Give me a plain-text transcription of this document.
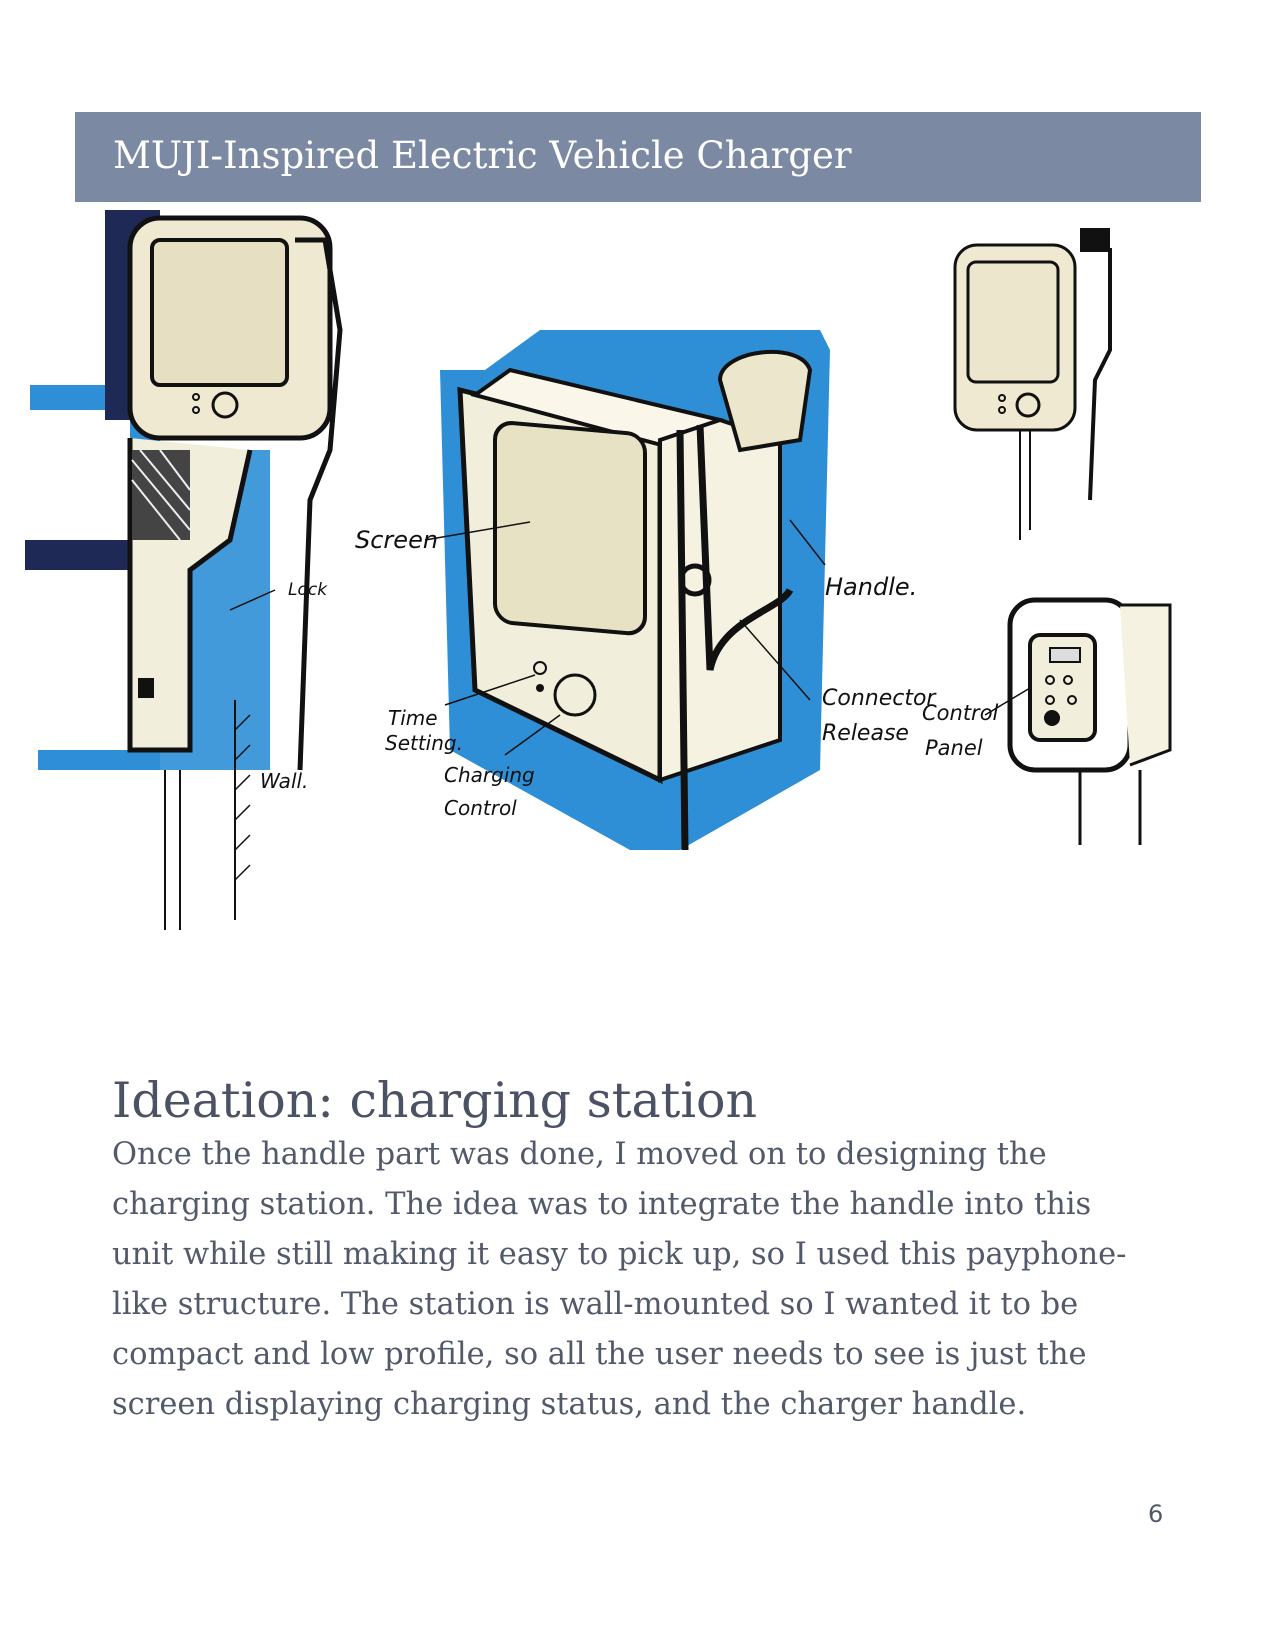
MUJI-Inspired Electric Vehicle Charger
Lock
Wall.
Screen
Handle.
Connector
Release
Time
Setting.
Charging
Control
Control
Panel
Ideation: charging station
Once the handle part was done, I moved on to designing the
charging station. The idea was to integrate the handle into this
unit while still making it easy to pick up, so I used this payphone-
like structure. The station is wall-mounted so I wanted it to be
compact and low profile, so all the user needs to see is just the
screen displaying charging status, and the charger handle.
6
